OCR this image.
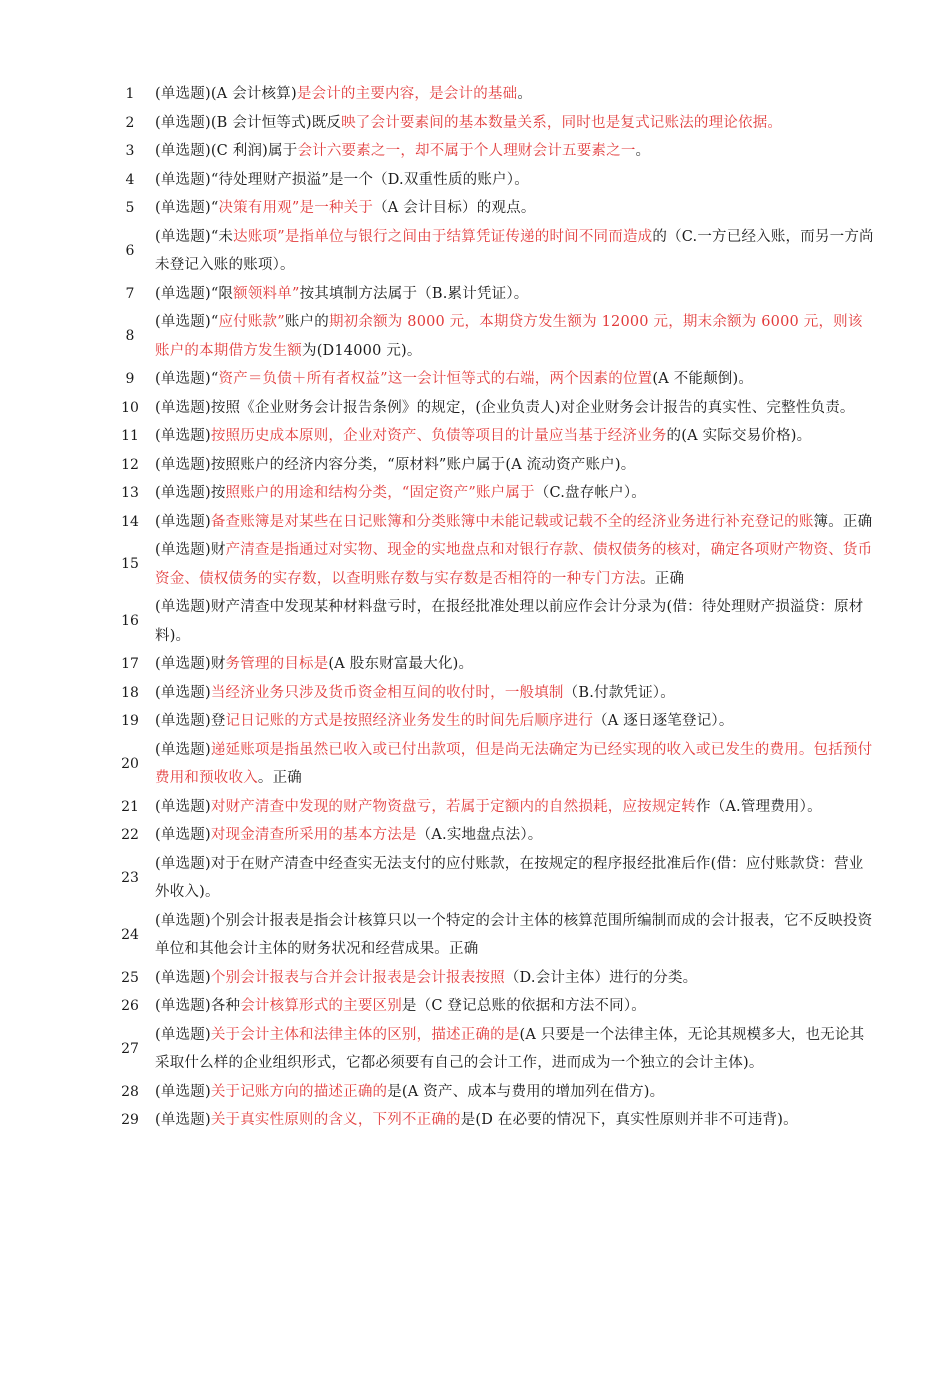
1	(单选题)(A 会计核算)是会计的主要内容，是会计的基础。
2	(单选题)(B 会计恒等式)既反映了会计要素间的基本数量关系，同时也是复式记账法的理论依据。
3	(单选题)(C 利润)属于会计六要素之一，却不属于个人理财会计五要素之一。
4	(单选题)“待处理财产损溢”是一个（D.双重性质的账户）。
5	(单选题)“决策有用观”是一种关于（A 会计目标）的观点。
6
(单选题)“未达账项”是指单位与银行之间由于结算凭证传递的时间不同而造成的（C.一方已经入账，而另一方尚未登记入账的账项）。
7	(单选题)“限额领料单”按其填制方法属于（B.累计凭证）。
8
(单选题)“应付账款”账户的期初余额为 8000 元，本期贷方发生额为 12000 元，期末余额为 6000 元，则该账户的本期借方发生额为(D14000 元)。
9	(单选题)“资产＝负债＋所有者权益”这一会计恒等式的右端，两个因素的位置(A 不能颠倒)。
10	(单选题)按照《企业财务会计报告条例》的规定，(企业负责人)对企业财务会计报告的真实性、完整性负责。
11	(单选题)按照历史成本原则，企业对资产、负债等项目的计量应当基于经济业务的(A 实际交易价格)。
12	(单选题)按照账户的经济内容分类，“原材料”账户属于(A 流动资产账户)。
13	(单选题)按照账户的用途和结构分类，“固定资产”账户属于（C.盘存帐户）。
14	(单选题)备查账簿是对某些在日记账簿和分类账簿中未能记载或记载不全的经济业务进行补充登记的账簿。正确
15
(单选题)财产清查是指通过对实物、现金的实地盘点和对银行存款、债权债务的核对，确定各项财产物资、货币资金、债权债务的实存数，以查明账存数与实存数是否相符的一种专门方法。正确
16
(单选题)财产清查中发现某种材料盘亏时，在报经批准处理以前应作会计分录为(借：待处理财产损溢贷：原材料)。
17	(单选题)财务管理的目标是(A 股东财富最大化)。
18	(单选题)当经济业务只涉及货币资金相互间的收付时，一般填制（B.付款凭证）。
19	(单选题)登记日记账的方式是按照经济业务发生的时间先后顺序进行（A 逐日逐笔登记）。
20
(单选题)递延账项是指虽然已收入或已付出款项，但是尚无法确定为已经实现的收入或已发生的费用。包括预付费用和预收收入。正确
21	(单选题)对财产清查中发现的财产物资盘亏，若属于定额内的自然损耗，应按规定转作（A.管理费用）。
22	(单选题)对现金清查所采用的基本方法是（A.实地盘点法）。
23
(单选题)对于在财产清查中经查实无法支付的应付账款，在按规定的程序报经批准后作(借：应付账款贷：营业外收入)。
24
(单选题)个别会计报表是指会计核算只以一个特定的会计主体的核算范围所编制而成的会计报表，它不反映投资单位和其他会计主体的财务状况和经营成果。正确
25	(单选题)个别会计报表与合并会计报表是会计报表按照（D.会计主体）进行的分类。
26	(单选题)各种会计核算形式的主要区别是（C 登记总账的依据和方法不同）。
27
(单选题)关于会计主体和法律主体的区别，描述正确的是(A 只要是一个法律主体，无论其规模多大，也无论其采取什么样的企业组织形式，它都必须要有自己的会计工作，进而成为一个独立的会计主体)。
28	(单选题)关于记账方向的描述正确的是(A 资产、成本与费用的增加列在借方)。
29	(单选题)关于真实性原则的含义，下列不正确的是(D 在必要的情况下，真实性原则并非不可违背)。
